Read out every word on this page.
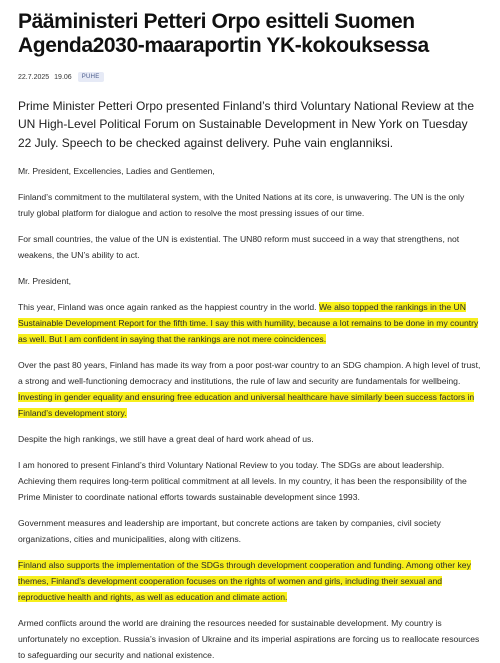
Pääministeri Petteri Orpo esitteli Suomen Agenda2030-maaraportin YK-kokouksessa
22.7.2025 19.06	PUHE
Prime Minister Petteri Orpo presented Finland’s third Voluntary National Review at the UN High-Level Political Forum on Sustainable Development in New York on Tuesday 22 July. Speech to be checked against delivery. Puhe vain englanniksi.

Mr. President, Excellencies, Ladies and Gentlemen,

Finland’s commitment to the multilateral system, with the United Nations at its core, is unwavering. The UN is the only truly global platform for dialogue and action to resolve the most pressing issues of our time.

For small countries, the value of the UN is existential. The UN80 reform must succeed in a way that strengthens, not weakens, the UN’s ability to act.

Mr. President,

This year, Finland was once again ranked as the happiest country in the world. We also topped the rankings in the UN Sustainable Development Report for the fifth time. I say this with humility, because a lot remains to be done in my country as well. But I am confident in saying that the rankings are not mere coincidences.

Over the past 80 years, Finland has made its way from a poor post-war country to an SDG champion. A high level of trust, a strong and well-functioning democracy and institutions, the rule of law and security are fundamentals for wellbeing. Investing in gender equality and ensuring free education and universal healthcare have similarly been success factors in Finland’s development story.

Despite the high rankings, we still have a great deal of hard work ahead of us.

I am honored to present Finland’s third Voluntary National Review to you today. The SDGs are about leadership. Achieving them requires long-term political commitment at all levels. In my country, it has been the responsibility of the Prime Minister to coordinate national efforts towards sustainable development since 1993.

Government measures and leadership are important, but concrete actions are taken by companies, civil society organizations, cities and municipalities, along with citizens.

Finland also supports the implementation of the SDGs through development cooperation and funding. Among other key themes, Finland’s development cooperation focuses on the rights of women and girls, including their sexual and reproductive health and rights, as well as education and climate action.

Armed conflicts around the world are draining the resources needed for sustainable development. My country is unfortunately no exception. Russia’s invasion of Ukraine and its imperial aspirations are forcing us to reallocate resources to safeguarding our security and national existence.
